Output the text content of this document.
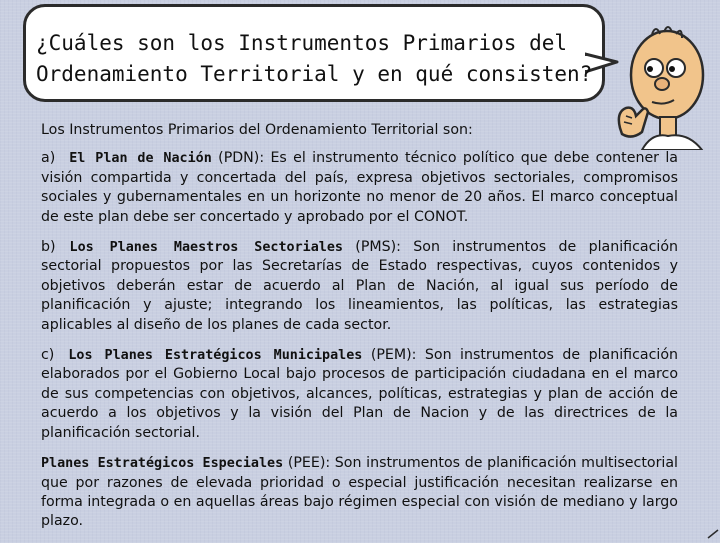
¿Cuáles son los Instrumentos Primarios del Ordenamiento Territorial y en qué consisten?

Los Instrumentos Primarios del Ordenamiento Territorial son:

a) El Plan de Nación (PDN): Es el instrumento técnico político que debe contener la visión compartida y concertada del país, expresa objetivos sectoriales, compromisos sociales y gubernamentales en un horizonte no menor de 20 años. El marco conceptual de este plan debe ser concertado y aprobado por el CONOT.

b) Los Planes Maestros Sectoriales (PMS): Son instrumentos de planificación sectorial propuestos por las Secretarías de Estado respectivas, cuyos contenidos y objetivos deberán estar de acuerdo al Plan de Nación, al igual sus período de planificación y ajuste; integrando los lineamientos, las políticas, las estrategias aplicables al diseño de los planes de cada sector.

c) Los Planes Estratégicos Municipales (PEM): Son instrumentos de planificación elaborados por el Gobierno Local bajo procesos de participación ciudadana en el marco de sus competencias con objetivos, alcances, políticas, estrategias y plan de acción de acuerdo a los objetivos y la visión del Plan de Nacion y de las directrices de la planificación sectorial.

Planes Estratégicos Especiales (PEE): Son instrumentos de planificación multisectorial que por razones de elevada prioridad o especial justificación necesitan realizarse en forma integrada o en aquellas áreas bajo régimen especial con visión de mediano y largo plazo.
